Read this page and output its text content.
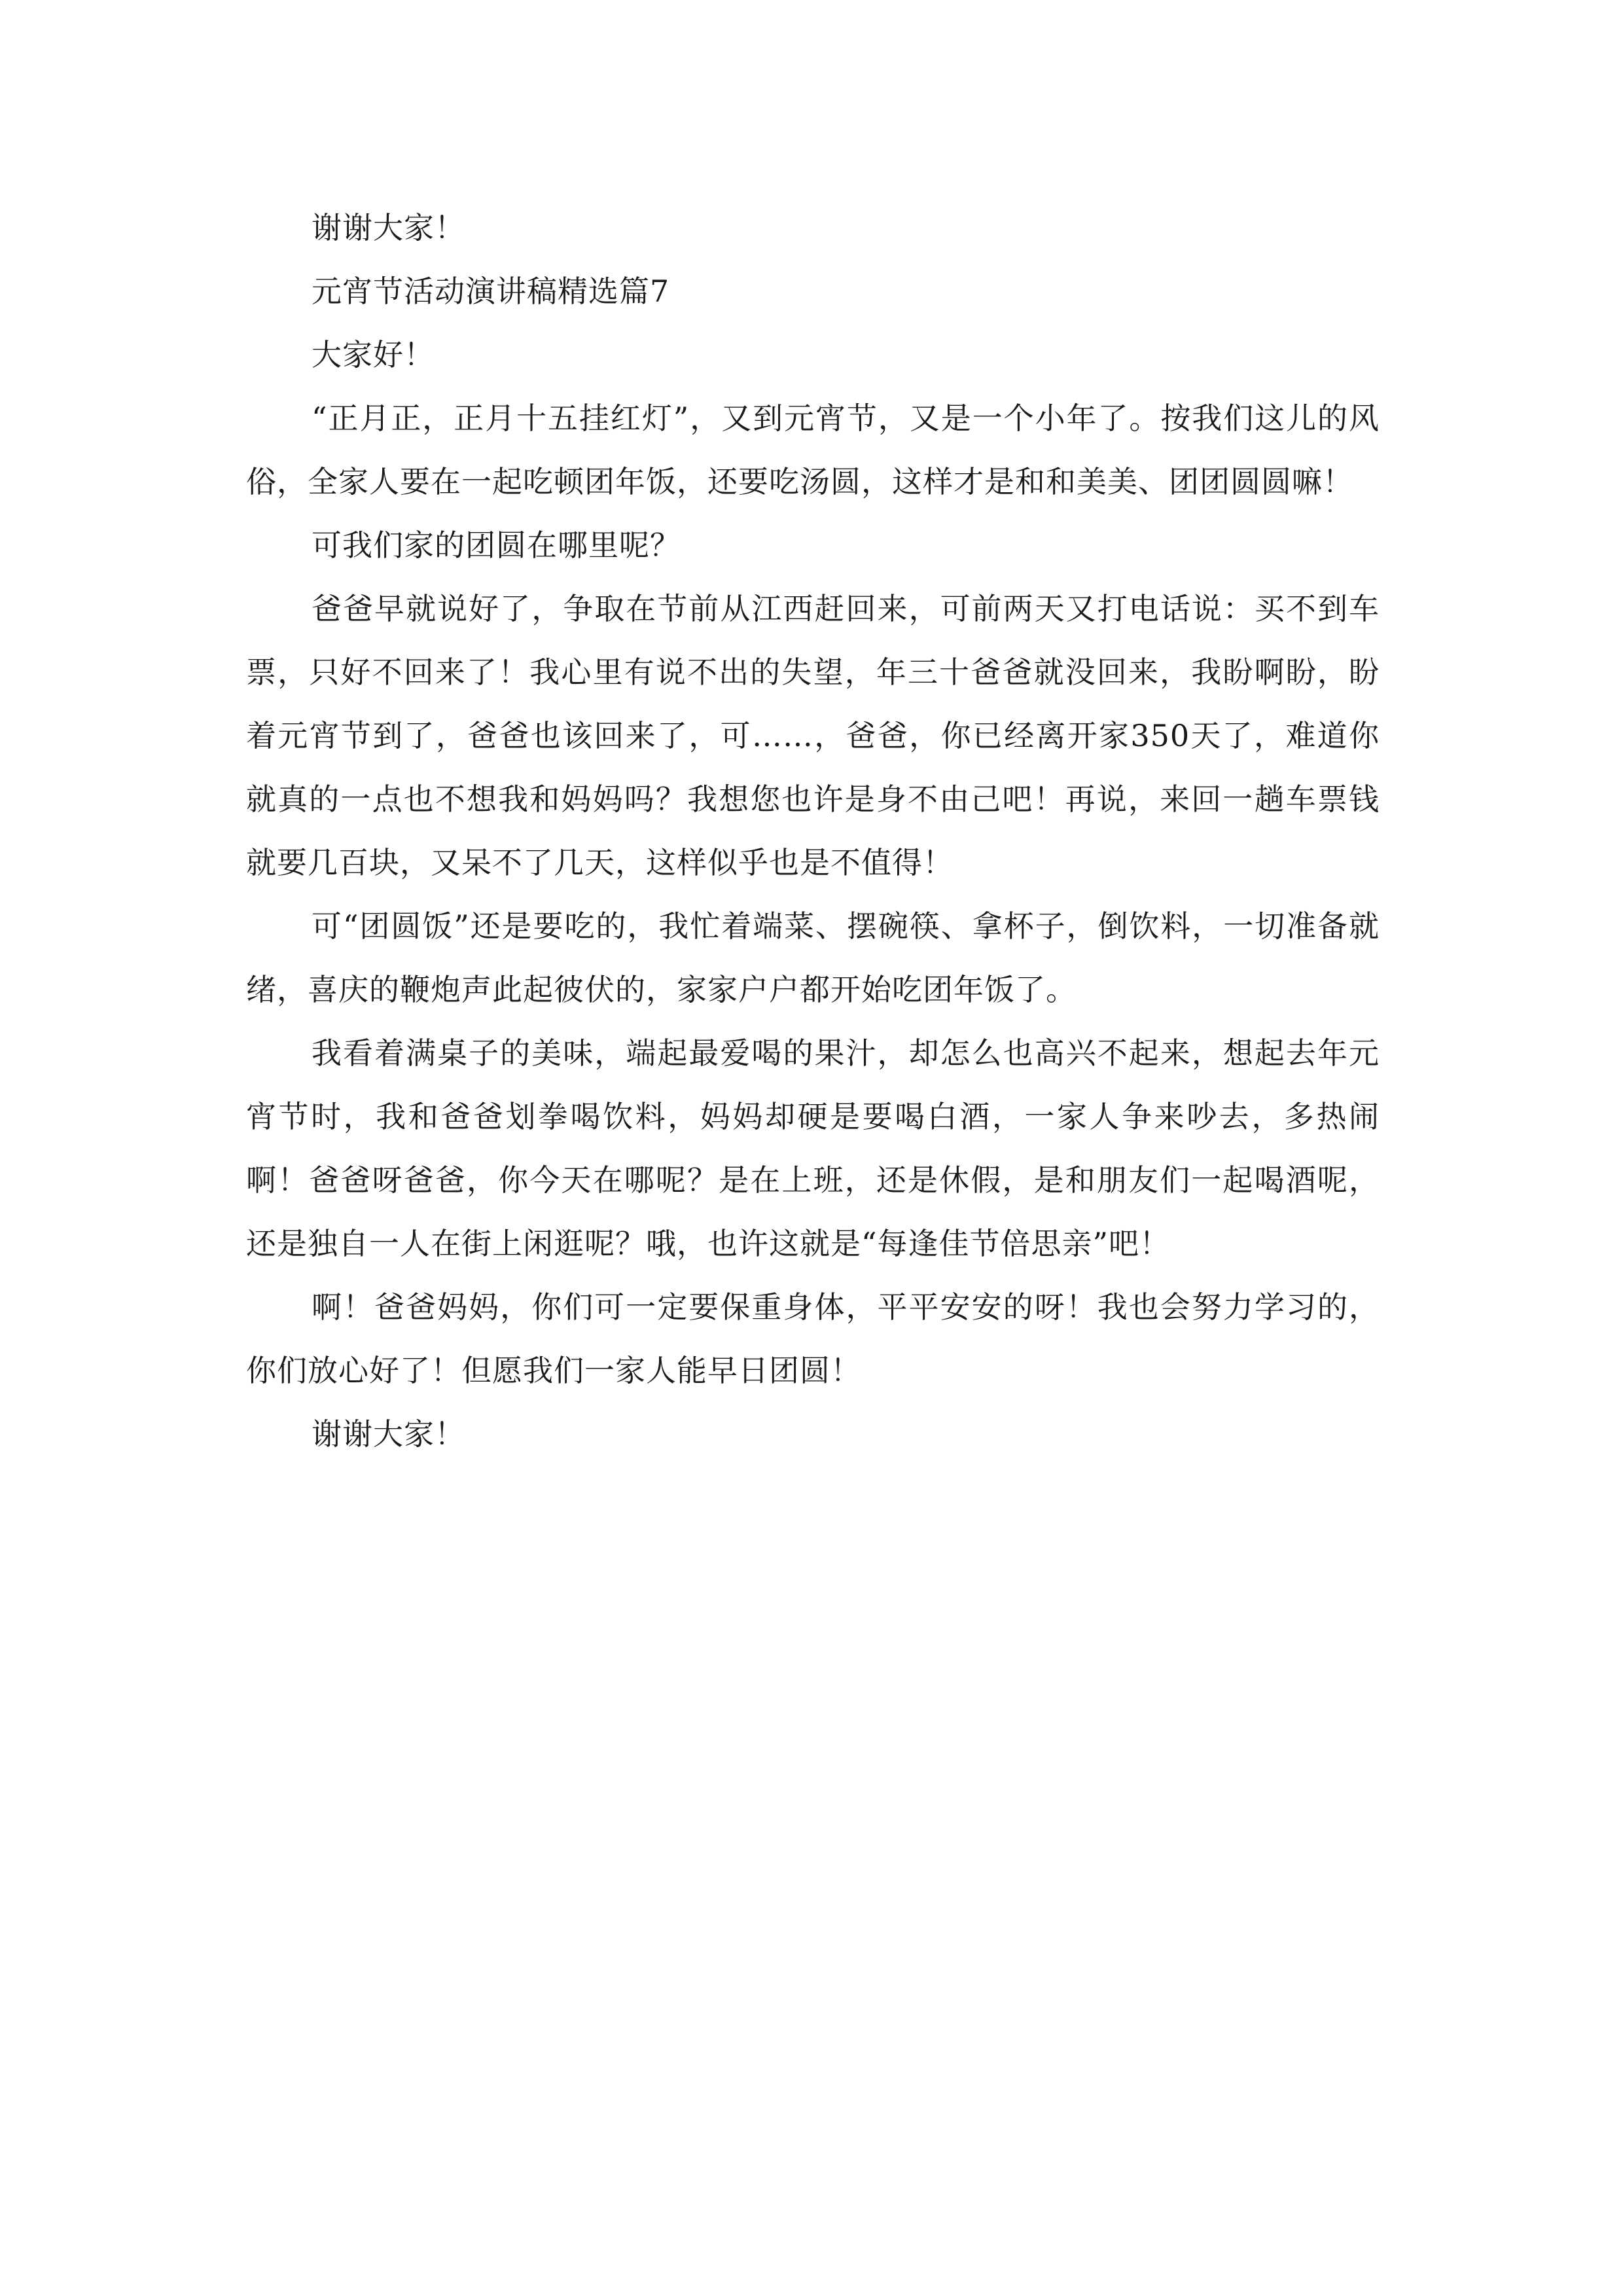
谢谢大家！

元宵节活动演讲稿精选篇7

大家好！

“正月正，正月十五挂红灯”，又到元宵节，又是一个小年了。按我们这儿的风俗，全家人要在一起吃顿团年饭，还要吃汤圆，这样才是和和美美、团团圆圆嘛！

可我们家的团圆在哪里呢？

爸爸早就说好了，争取在节前从江西赶回来，可前两天又打电话说：买不到车票，只好不回来了！我心里有说不出的失望，年三十爸爸就没回来，我盼啊盼，盼着元宵节到了，爸爸也该回来了，可……，爸爸，你已经离开家350天了，难道你就真的一点也不想我和妈妈吗？我想您也许是身不由己吧！再说，来回一趟车票钱就要几百块，又呆不了几天，这样似乎也是不值得！

可“团圆饭”还是要吃的，我忙着端菜、摆碗筷、拿杯子，倒饮料，一切准备就绪，喜庆的鞭炮声此起彼伏的，家家户户都开始吃团年饭了。

我看着满桌子的美味，端起最爱喝的果汁，却怎么也高兴不起来，想起去年元宵节时，我和爸爸划拳喝饮料，妈妈却硬是要喝白酒，一家人争来吵去，多热闹啊！爸爸呀爸爸，你今天在哪呢？是在上班，还是休假，是和朋友们一起喝酒呢，还是独自一人在街上闲逛呢？哦，也许这就是“每逢佳节倍思亲”吧！

啊！爸爸妈妈，你们可一定要保重身体，平平安安的呀！我也会努力学习的，你们放心好了！但愿我们一家人能早日团圆！

谢谢大家！
